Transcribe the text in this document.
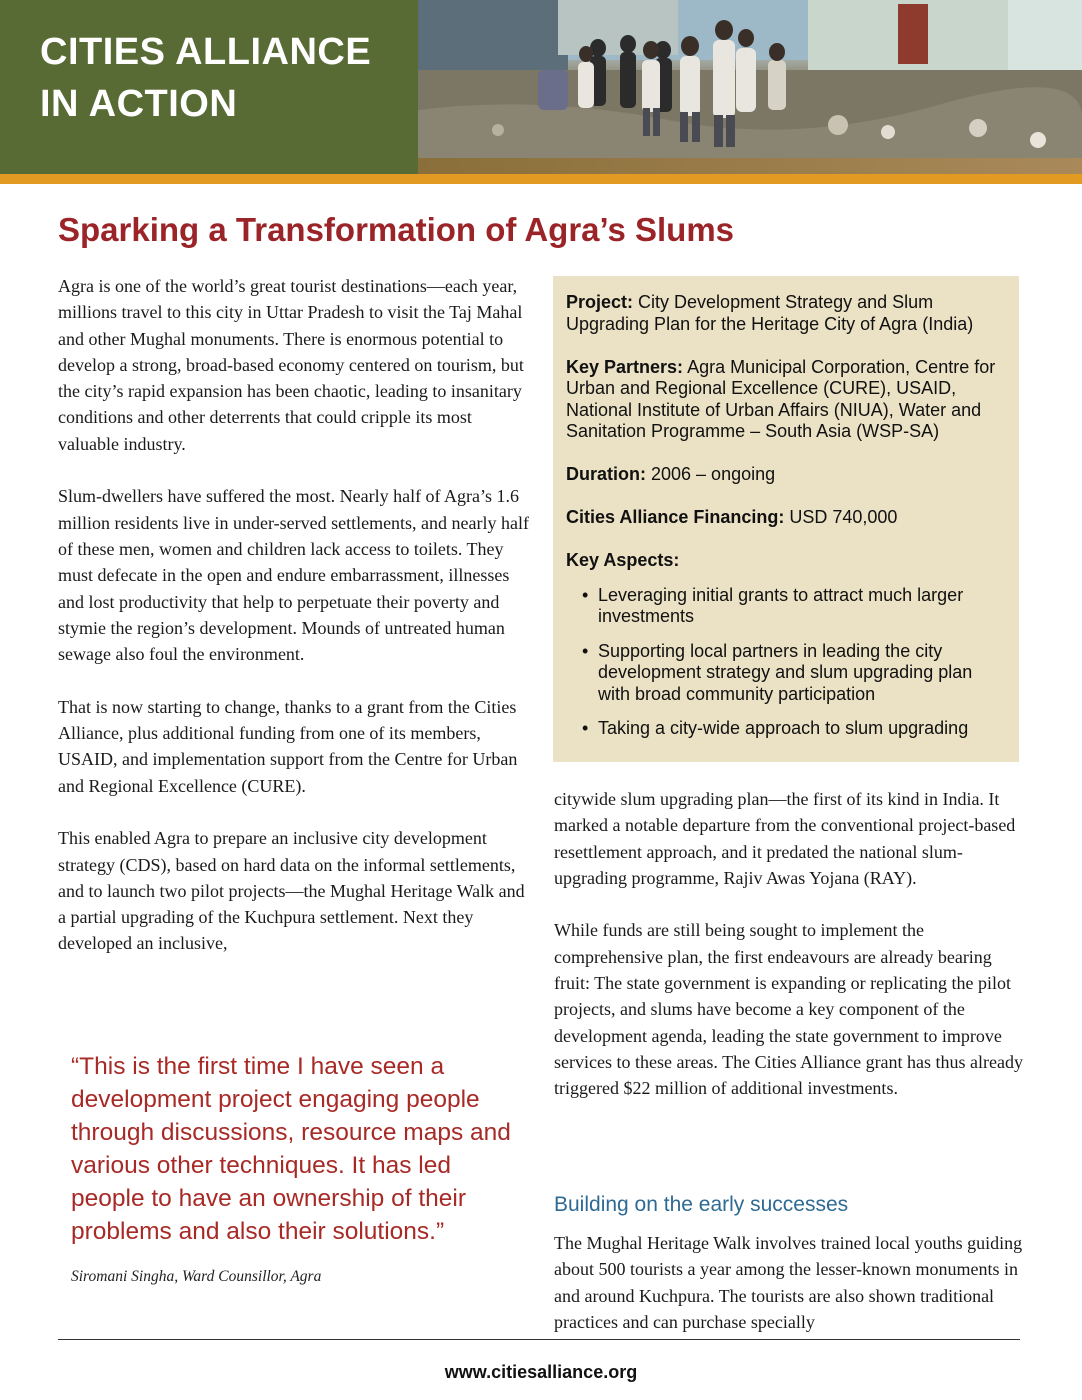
CITIES ALLIANCE
IN ACTION
Sparking a Transformation of Agra’s Slums

Agra is one of the world’s great tourist destinations—each year, millions travel to this city in Uttar Pradesh to visit the Taj Mahal and other Mughal monuments. There is enormous potential to develop a strong, broad-based economy centered on tourism, but the city’s rapid expansion has been chaotic, leading to insanitary conditions and other deterrents that could cripple its most valuable industry.

Slum-dwellers have suffered the most. Nearly half of Agra’s 1.6 million residents live in under-served settlements, and nearly half of these men, women and children lack access to toilets. They must defecate in the open and endure embarrassment, illnesses and lost productivity that help to perpetuate their poverty and stymie the region’s development. Mounds of untreated human sewage also foul the environment.

That is now starting to change, thanks to a grant from the Cities Alliance, plus additional funding from one of its members, USAID, and implementation support from the Centre for Urban and Regional Excellence (CURE).

This enabled Agra to prepare an inclusive city development strategy (CDS), based on hard data on the informal settlements, and to launch two pilot projects—the Mughal Heritage Walk and a partial upgrading of the Kuchpura settlement. Next they developed an inclusive,

Project: City Development Strategy and Slum Upgrading Plan for the Heritage City of Agra (India)
Key Partners: Agra Municipal Corporation, Centre for Urban and Regional Excellence (CURE), USAID, National Institute of Urban Affairs (NIUA), Water and Sanitation Programme – South Asia (WSP-SA)
Duration: 2006 – ongoing
Cities Alliance Financing: USD 740,000
Key Aspects:
• Leveraging initial grants to attract much larger investments
• Supporting local partners in leading the city development strategy and slum upgrading plan with broad community participation
• Taking a city-wide approach to slum upgrading

citywide slum upgrading plan—the first of its kind in India. It marked a notable departure from the conventional project-based resettlement approach, and it predated the national slum-upgrading programme, Rajiv Awas Yojana (RAY).

While funds are still being sought to implement the comprehensive plan, the first endeavours are already bearing fruit: The state government is expanding or replicating the pilot projects, and slums have become a key component of the development agenda, leading the state government to improve services to these areas. The Cities Alliance grant has thus already triggered $22 million of additional investments.

Building on the early successes

The Mughal Heritage Walk involves trained local youths guiding about 500 tourists a year among the lesser-known monuments in and around Kuchpura. The tourists are also shown traditional practices and can purchase specially

“This is the first time I have seen a development project engaging people through discussions, resource maps and various other techniques. It has led people to have an ownership of their problems and also their solutions.”

Siromani Singha, Ward Counsillor, Agra

www.citiesalliance.org
